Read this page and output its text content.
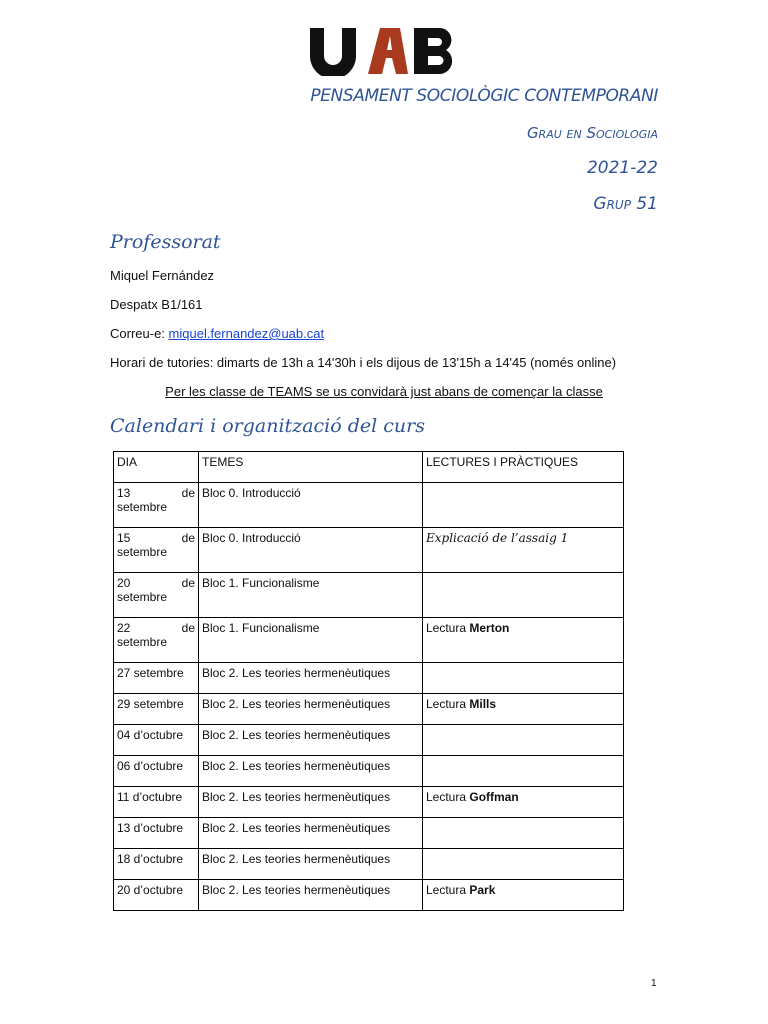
PENSAMENT SOCIOLÒGIC CONTEMPORANI
Grau en Sociologia
2021-22
Grup 51
Professorat
Miquel Fernández
Despatx B1/161
Correu-e: miquel.fernandez@uab.cat
Horari de tutories: dimarts de 13h a 14'30h i els dijous de 13'15h a 14'45 (només online)
Per les classe de TEAMS se us convidarà just abans de començar la classe
Calendari i organització del curs
DIA	TEMES	LECTURES I PRÀCTIQUES

13 de
setembre	Bloc 0. Introducció	

15 de
setembre	Bloc 0. Introducció	Explicació de l’assaig 1

20 de
setembre	Bloc 1. Funcionalisme	

22 de
setembre	Bloc 1. Funcionalisme	Lectura Merton
27 setembre	Bloc 2. Les teories hermenèutiques	
29 setembre	Bloc 2. Les teories hermenèutiques	Lectura Mills
04 d’octubre	Bloc 2. Les teories hermenèutiques	
06 d’octubre	Bloc 2. Les teories hermenèutiques	
11 d’octubre	Bloc 2. Les teories hermenèutiques	Lectura Goffman
13 d’octubre	Bloc 2. Les teories hermenèutiques	
18 d’octubre	Bloc 2. Les teories hermenèutiques	
20 d’octubre	Bloc 2. Les teories hermenèutiques	Lectura Park
1
